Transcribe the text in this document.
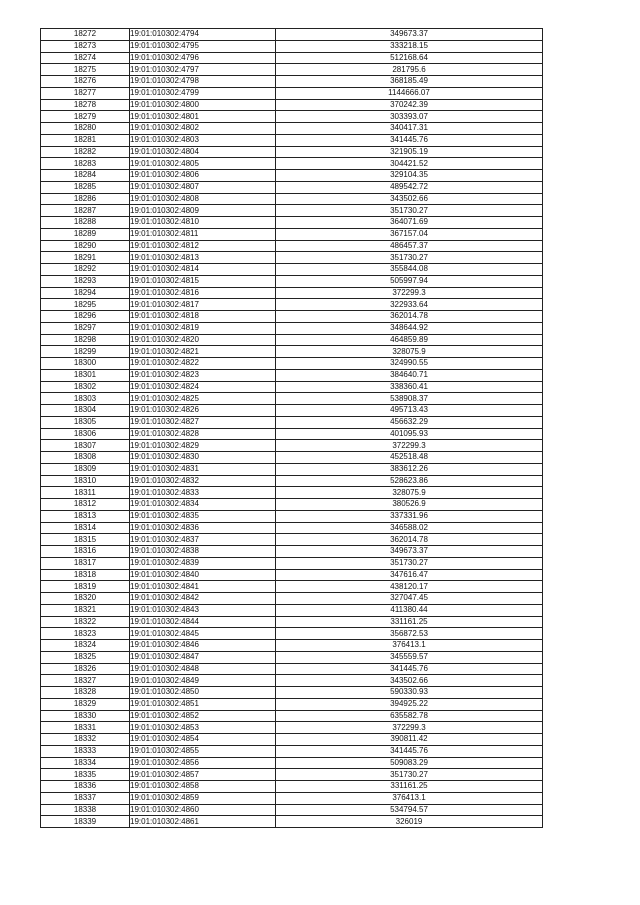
18272	19:01:010302:4794	349673.37
18273	19:01:010302:4795	333218.15
18274	19:01:010302:4796	512168.64
18275	19:01:010302:4797	281795.6
18276	19:01:010302:4798	368185.49
18277	19:01:010302:4799	1144666.07
18278	19:01:010302:4800	370242.39
18279	19:01:010302:4801	303393.07
18280	19:01:010302:4802	340417.31
18281	19:01:010302:4803	341445.76
18282	19:01:010302:4804	321905.19
18283	19:01:010302:4805	304421.52
18284	19:01:010302:4806	329104.35
18285	19:01:010302:4807	489542.72
18286	19:01:010302:4808	343502.66
18287	19:01:010302:4809	351730.27
18288	19:01:010302:4810	364071.69
18289	19:01:010302:4811	367157.04
18290	19:01:010302:4812	486457.37
18291	19:01:010302:4813	351730.27
18292	19:01:010302:4814	355844.08
18293	19:01:010302:4815	505997.94
18294	19:01:010302:4816	372299.3
18295	19:01:010302:4817	322933.64
18296	19:01:010302:4818	362014.78
18297	19:01:010302:4819	348644.92
18298	19:01:010302:4820	464859.89
18299	19:01:010302:4821	328075.9
18300	19:01:010302:4822	324990.55
18301	19:01:010302:4823	384640.71
18302	19:01:010302:4824	338360.41
18303	19:01:010302:4825	538908.37
18304	19:01:010302:4826	495713.43
18305	19:01:010302:4827	456632.29
18306	19:01:010302:4828	401095.93
18307	19:01:010302:4829	372299.3
18308	19:01:010302:4830	452518.48
18309	19:01:010302:4831	383612.26
18310	19:01:010302:4832	528623.86
18311	19:01:010302:4833	328075.9
18312	19:01:010302:4834	380526.9
18313	19:01:010302:4835	337331.96
18314	19:01:010302:4836	346588.02
18315	19:01:010302:4837	362014.78
18316	19:01:010302:4838	349673.37
18317	19:01:010302:4839	351730.27
18318	19:01:010302:4840	347616.47
18319	19:01:010302:4841	438120.17
18320	19:01:010302:4842	327047.45
18321	19:01:010302:4843	411380.44
18322	19:01:010302:4844	331161.25
18323	19:01:010302:4845	356872.53
18324	19:01:010302:4846	376413.1
18325	19:01:010302:4847	345559.57
18326	19:01:010302:4848	341445.76
18327	19:01:010302:4849	343502.66
18328	19:01:010302:4850	590330.93
18329	19:01:010302:4851	394925.22
18330	19:01:010302:4852	635582.78
18331	19:01:010302:4853	372299.3
18332	19:01:010302:4854	390811.42
18333	19:01:010302:4855	341445.76
18334	19:01:010302:4856	509083.29
18335	19:01:010302:4857	351730.27
18336	19:01:010302:4858	331161.25
18337	19:01:010302:4859	376413.1
18338	19:01:010302:4860	534794.57
18339	19:01:010302:4861	326019
